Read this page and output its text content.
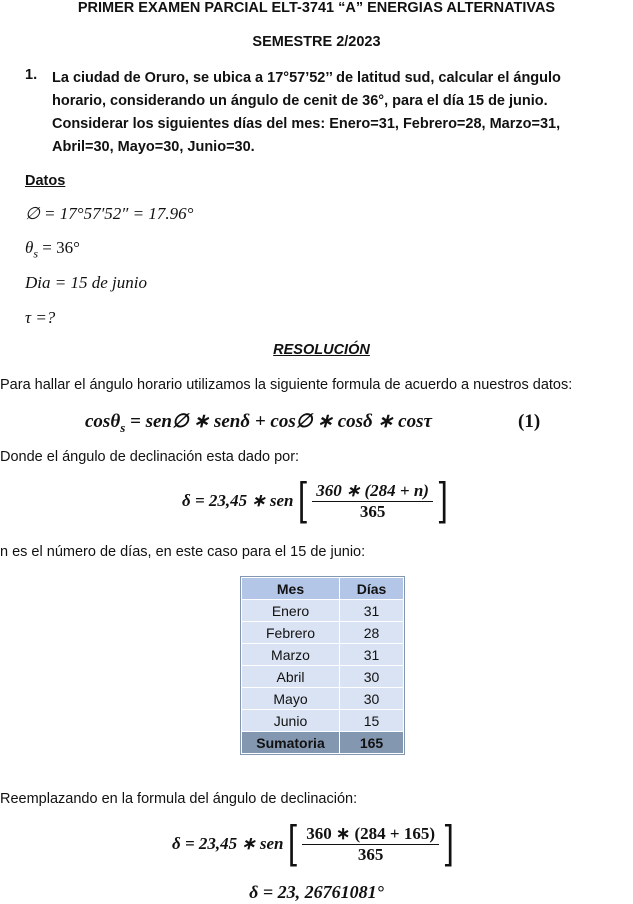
PRIMER EXAMEN PARCIAL ELT-3741 “A” ENERGIAS ALTERNATIVAS
SEMESTRE 2/2023
1. La ciudad de Oruro, se ubica a 17°57’52’’ de latitud sud, calcular el ángulo
horario, considerando un ángulo de cenit de 36°, para el día 15 de junio.
Considerar los siguientes días del mes: Enero=31, Febrero=28, Marzo=31,
Abril=30, Mayo=30, Junio=30.
Datos
∅ = 17°57′52″ = 17.96°
$\theta_s = 36^\circ$
Dia = 15 de junio
τ =?
RESOLUCIÓN
Para hallar el ángulo horario utilizamos la siguiente formula de acuerdo a nuestros datos:
cosθ$_s$ = sen∅ ∗ senδ + cos∅ ∗ cosδ ∗ cosτ	(1)
Donde el ángulo de declinación esta dado por:
δ = 23,45 ∗ $sen[ \frac{360 ∗ (284 + n)}{365}$ ]
n es el número de días, en este caso para el 15 de junio:
Mes	Días
Enero	31
Febrero	28
Marzo	31
Abril	30
Mayo	30
Junio	15
Sumatoria	165
Reemplazando en la formula del ángulo de declinación:
δ = 23,45 ∗ $sen[ \frac{360 ∗ (284 + 165)}{365}$ ]
δ = 23, 26761081°
